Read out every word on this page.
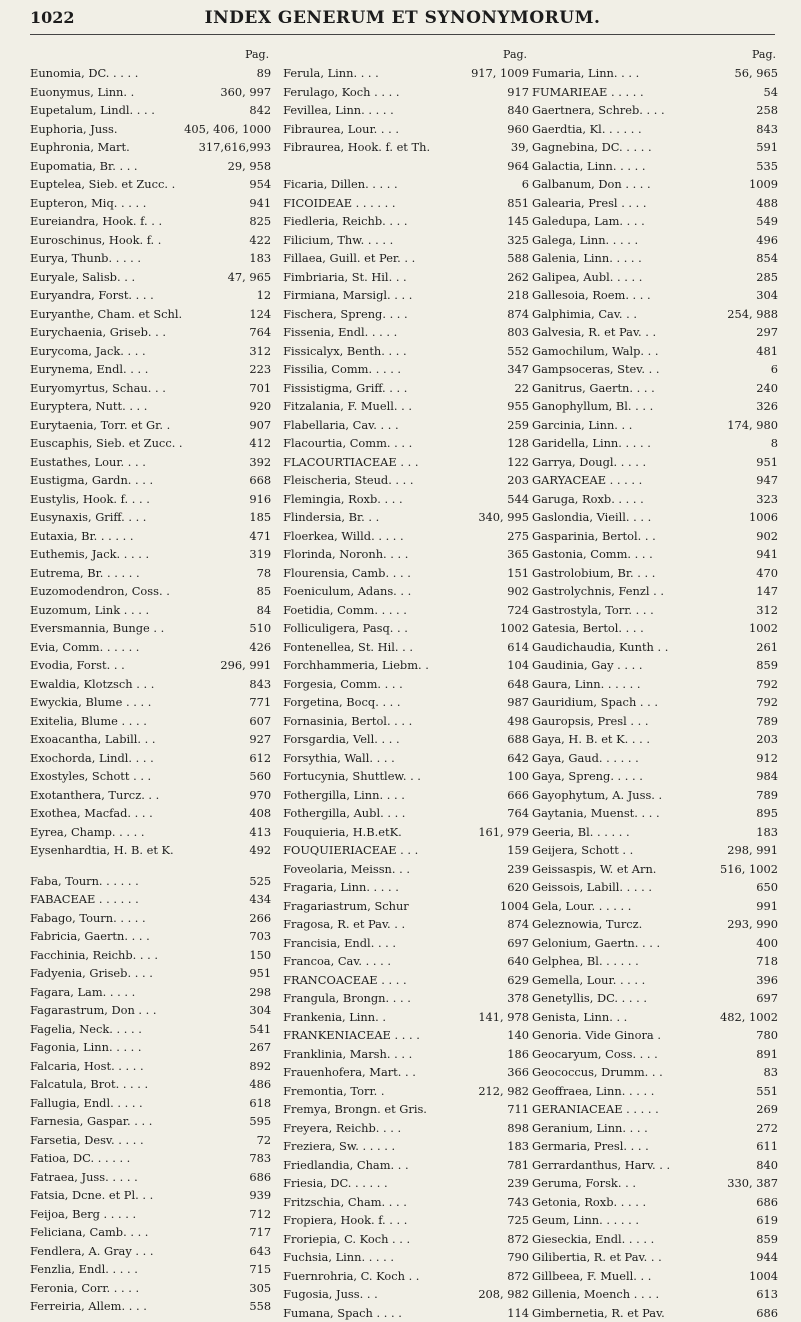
1022	INDEX GENERUM ET SYNONYMORUM.
Pag.
Eunomia, DC. . . . .	89
Euonymus, Linn. .	360, 997
Eupetalum, Lindl. . . .	842
Euphoria, Juss.	405, 406, 1000
Euphronia, Mart.	317,616,993
Eupomatia, Br. . . .	29, 958
Euptelea, Sieb. et Zucc. .	954
Eupteron, Miq. . . . .	941
Eureiandra, Hook. f. . .	825
Euroschinus, Hook. f. .	422
Eurya, Thunb. . . . .	183
Euryale, Salisb. . .	47, 965
Euryandra, Forst. . . .	12
Euryanthe, Cham. et Schl.	124
Eurychaenia, Griseb. . .	764
Eurycoma, Jack. . . .	312
Eurynema, Endl. . . .	223
Euryomyrtus, Schau. . .	701
Euryptera, Nutt. . . .	920
Eurytaenia, Torr. et Gr. .	907
Euscaphis, Sieb. et Zucc. .	412
Eustathes, Lour. . . .	392
Eustigma, Gardn. . . .	668
Eustylis, Hook. f. . . .	916
Eusynaxis, Griff. . . .	185
Eutaxia, Br. . . . . .	471
Euthemis, Jack. . . . .	319
Eutrema, Br. . . . . .	78
Euzomodendron, Coss. .	85
Euzomum, Link . . . .	84
Eversmannia, Bunge . .	510
Evia, Comm. . . . . .	426
Evodia, Forst. . .	296, 991
Ewaldia, Klotzsch . . .	843
Ewyckia, Blume . . . .	771
Exitelia, Blume . . . .	607
Exoacantha, Labill. . .	927
Exochorda, Lindl. . . .	612
Exostyles, Schott . . .	560
Exotanthera, Turcz. . .	970
Exothea, Macfad. . . .	408
Eyrea, Champ. . . . .	413
Eysenhardtia, H. B. et K.	492
Faba, Tourn. . . . . .	525
FABACEAE . . . . . .	434
Fabago, Tourn. . . . .	266
Fabricia, Gaertn. . . .	703
Facchinia, Reichb. . . .	150
Fadyenia, Griseb. . . .	951
Fagara, Lam. . . . .	298
Fagarastrum, Don . . .	304
Fagelia, Neck. . . . .	541
Fagonia, Linn. . . . .	267
Falcaria, Host. . . . .	892
Falcatula, Brot. . . . .	486
Fallugia, Endl. . . . .	618
Farnesia, Gaspar. . . .	595
Farsetia, Desv. . . . .	72
Fatioa, DC. . . . . .	783
Fatraea, Juss. . . . .	686
Fatsia, Dcne. et Pl. . .	939
Feijoa, Berg . . . . .	712
Feliciana, Camb. . . .	717
Fendlera, A. Gray . . .	643
Fenzlia, Endl. . . . .	715
Feronia, Corr. . . . .	305
Ferreiria, Allem. . . .	558
Pag.
Ferula, Linn. . . .	917, 1009
Ferulago, Koch . . . .	917
Fevillea, Linn. . . . .	840
Fibraurea, Lour. . . .	960
Fibraurea, Hook. f. et Th.	39,
964
Ficaria, Dillen. . . . .	6
FICOIDEAE . . . . . .	851
Fiedleria, Reichb. . . .	145
Filicium, Thw. . . . .	325
Fillaea, Guill. et Per. . .	588
Fimbriaria, St. Hil. . .	262
Firmiana, Marsigl. . . .	218
Fischera, Spreng. . . .	874
Fissenia, Endl. . . . .	803
Fissicalyx, Benth. . . .	552
Fissilia, Comm. . . . .	347
Fissistigma, Griff. . . .	22
Fitzalania, F. Muell. . .	955
Flabellaria, Cav. . . .	259
Flacourtia, Comm. . . .	128
FLACOURTIACEAE . . .	122
Fleischeria, Steud. . . .	203
Flemingia, Roxb. . . .	544
Flindersia, Br. . .	340, 995
Floerkea, Willd. . . . .	275
Florinda, Noronh. . . .	365
Flourensia, Camb. . . .	151
Foeniculum, Adans. . .	902
Foetidia, Comm. . . . .	724
Folliculigera, Pasq. . .	1002
Fontenellea, St. Hil. . .	614
Forchhammeria, Liebm. .	104
Forgesia, Comm. . . .	648
Forgetina, Bocq. . . .	987
Fornasinia, Bertol. . . .	498
Forsgardia, Vell. . . .	688
Forsythia, Wall. . . .	642
Fortucynia, Shuttlew. . .	100
Fothergilla, Linn. . . .	666
Fothergilla, Aubl. . . .	764
Fouquieria, H.B.etK.	161, 979
FOUQUIERIACEAE . . .	159
Foveolaria, Meissn. . .	239
Fragaria, Linn. . . . .	620
Fragariastrum, Schur	1004
Fragosa, R. et Pav. . .	874
Francisia, Endl. . . .	697
Francoa, Cav. . . . .	640
FRANCOACEAE . . . .	629
Frangula, Brongn. . . .	378
Frankenia, Linn. .	141, 978
FRANKENIACEAE . . . .	140
Franklinia, Marsh. . . .	186
Frauenhofera, Mart. . .	366
Fremontia, Torr. .	212, 982
Fremya, Brongn. et Gris.	711
Freyera, Reichb. . . .	898
Freziera, Sw. . . . . .	183
Friedlandia, Cham. . .	781
Friesia, DC. . . . . .	239
Fritzschia, Cham. . . .	743
Fropiera, Hook. f. . . .	725
Froriepia, C. Koch . . .	872
Fuchsia, Linn. . . . .	790
Fuernrohria, C. Koch . .	872
Fugosia, Juss. . .	208, 982
Fumana, Spach . . . .	114
Pag.
Fumaria, Linn. . . .	56, 965
FUMARIEAE . . . . .	54
Gaertnera, Schreb. . . .	258
Gaerdtia, Kl. . . . . .	843
Gagnebina, DC. . . . .	591
Galactia, Linn. . . . .	535
Galbanum, Don . . . .	1009
Galearia, Presl . . . .	488
Galedupa, Lam. . . .	549
Galega, Linn. . . . .	496
Galenia, Linn. . . . .	854
Galipea, Aubl. . . . .	285
Gallesoia, Roem. . . .	304
Galphimia, Cav. . .	254, 988
Galvesia, R. et Pav. . .	297
Gamochilum, Walp. . .	481
Gampsoceras, Stev. . .	6
Ganitrus, Gaertn. . . .	240
Ganophyllum, Bl. . . .	326
Garcinia, Linn. . .	174, 980
Garidella, Linn. . . . .	8
Garrya, Dougl. . . . .	951
GARYACEAE . . . . .	947
Garuga, Roxb. . . . .	323
Gaslondia, Vieill. . . .	1006
Gasparinia, Bertol. . .	902
Gastonia, Comm. . . .	941
Gastrolobium, Br. . . .	470
Gastrolychnis, Fenzl . .	147
Gastrostyla, Torr. . . .	312
Gatesia, Bertol. . . .	1002
Gaudichaudia, Kunth . .	261
Gaudinia, Gay . . . .	859
Gaura, Linn. . . . . .	792
Gauridium, Spach . . .	792
Gauropsis, Presl . . .	789
Gaya, H. B. et K. . . .	203
Gaya, Gaud. . . . . .	912
Gaya, Spreng. . . . .	984
Gayophytum, A. Juss. .	789
Gaytania, Muenst. . . .	895
Geeria, Bl. . . . . .	183
Geijera, Schott . .	298, 991
Geissaspis, W. et Arn.	516, 1002
Geissois, Labill. . . . .	650
Gela, Lour. . . . . .	991
Geleznowia, Turcz.	293, 990
Gelonium, Gaertn. . . .	400
Gelphea, Bl. . . . . .	718
Gemella, Lour. . . . .	396
Genetyllis, DC. . . . .	697
Genista, Linn. . .	482, 1002
Genoria. Vide Ginora .	780
Geocaryum, Coss. . . .	891
Geococcus, Drumm. . .	83
Geoffraea, Linn. . . . .	551
GERANIACEAE . . . . .	269
Geranium, Linn. . . .	272
Germaria, Presl. . . .	611
Gerrardanthus, Harv. . .	840
Geruma, Forsk. . .	330, 387
Getonia, Roxb. . . . .	686
Geum, Linn. . . . . .	619
Gieseckia, Endl. . . . .	859
Gilibertia, R. et Pav. . .	944
Gillbeea, F. Muell. . .	1004
Gillenia, Moench . . . .	613
Gimbernetia, R. et Pav.	686
